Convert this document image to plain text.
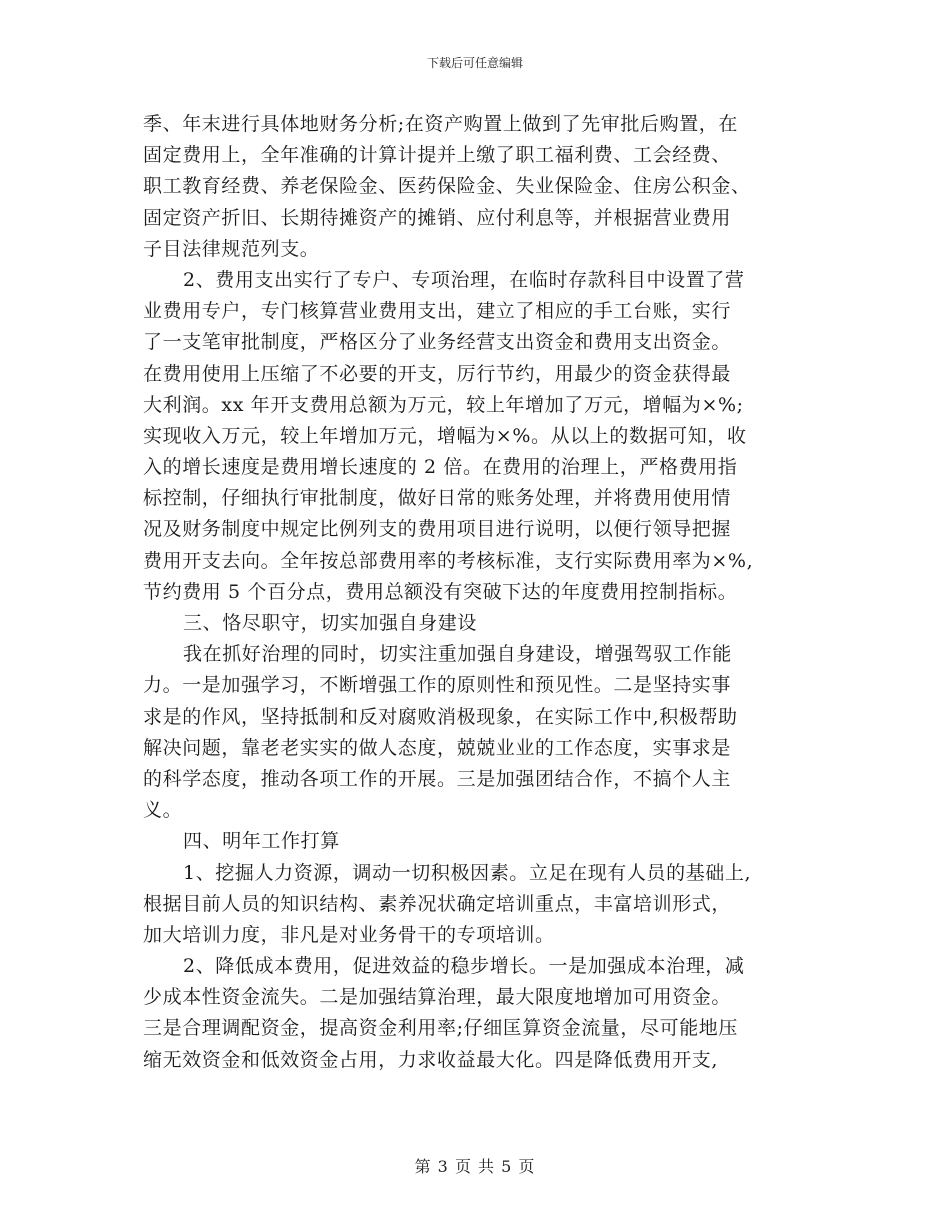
下载后可任意编辑
季、年末进行具体地财务分析;在资产购置上做到了先审批后购置，在
固定费用上，全年准确的计算计提并上缴了职工福利费、工会经费、
职工教育经费、养老保险金、医药保险金、失业保险金、住房公积金、
固定资产折旧、长期待摊资产的摊销、应付利息等，并根据营业费用
子目法律规范列支。
2、费用支出实行了专户、专项治理，在临时存款科目中设置了营
业费用专户，专门核算营业费用支出，建立了相应的手工台账，实行
了一支笔审批制度，严格区分了业务经营支出资金和费用支出资金。
在费用使用上压缩了不必要的开支，厉行节约，用最少的资金获得最
大利润。xx 年开支费用总额为万元，较上年增加了万元，增幅为×%;
实现收入万元，较上年增加万元，增幅为×%。从以上的数据可知，收
入的增长速度是费用增长速度的 2 倍。在费用的治理上，严格费用指
标控制，仔细执行审批制度，做好日常的账务处理，并将费用使用情
况及财务制度中规定比例列支的费用项目进行说明，以便行领导把握
费用开支去向。全年按总部费用率的考核标准，支行实际费用率为×%,
节约费用 5 个百分点，费用总额没有突破下达的年度费用控制指标。
三、恪尽职守，切实加强自身建设
我在抓好治理的同时，切实注重加强自身建设，增强驾驭工作能
力。一是加强学习，不断增强工作的原则性和预见性。二是坚持实事
求是的作风，坚持抵制和反对腐败消极现象，在实际工作中,积极帮助
解决问题，靠老老实实的做人态度，兢兢业业的工作态度，实事求是
的科学态度，推动各项工作的开展。三是加强团结合作，不搞个人主
义。
四、明年工作打算
1、挖掘人力资源，调动一切积极因素。立足在现有人员的基础上,
根据目前人员的知识结构、素养况状确定培训重点，丰富培训形式，
加大培训力度，非凡是对业务骨干的专项培训。
2、降低成本费用，促进效益的稳步增长。一是加强成本治理，减
少成本性资金流失。二是加强结算治理，最大限度地增加可用资金。
三是合理调配资金，提高资金利用率;仔细匡算资金流量，尽可能地压
缩无效资金和低效资金占用，力求收益最大化。四是降低费用开支,
第 3 页 共 5 页
